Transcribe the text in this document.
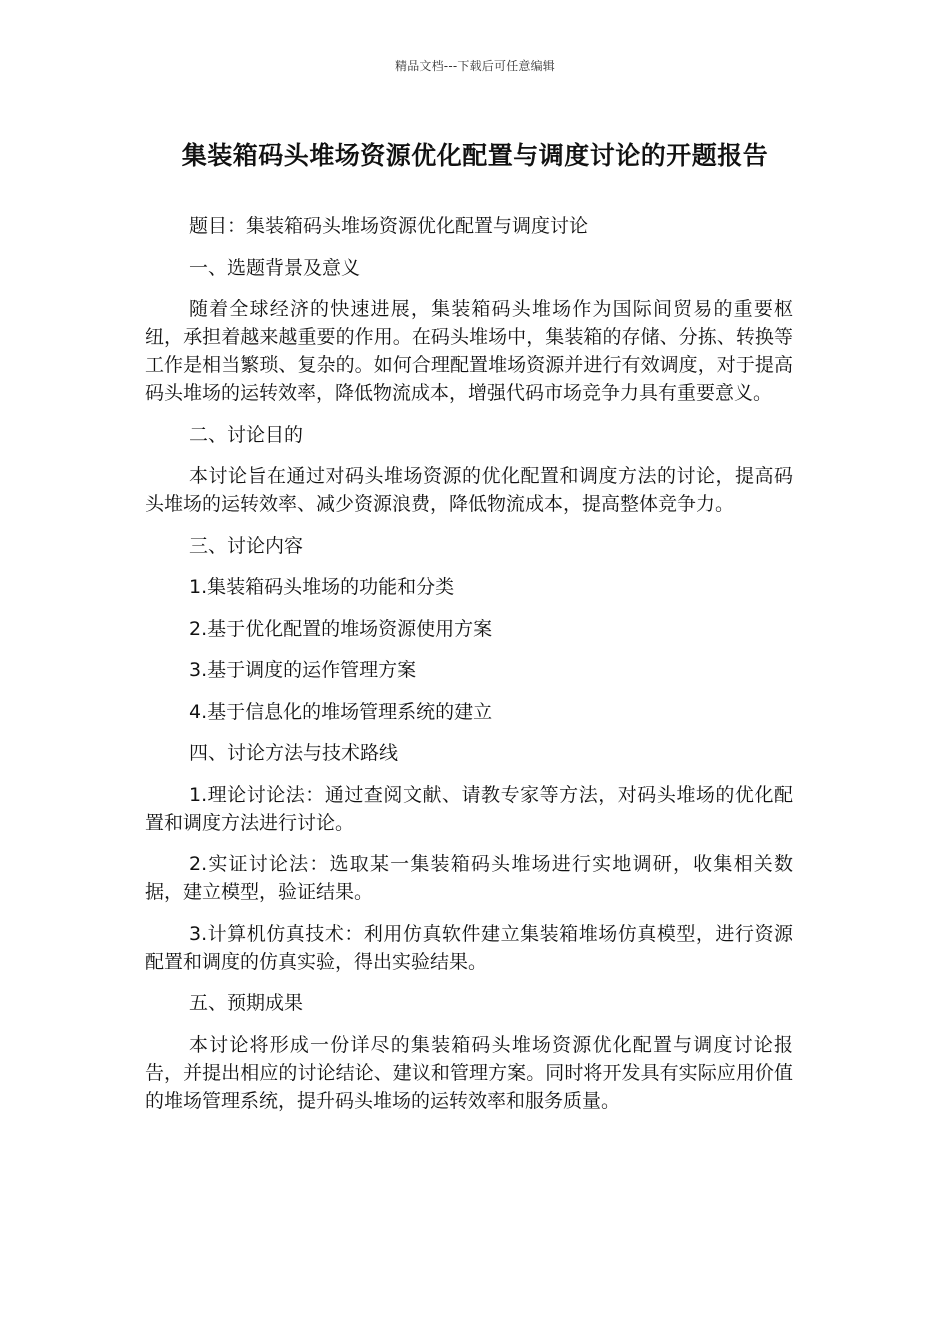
精品文档---下载后可任意编辑
集装箱码头堆场资源优化配置与调度讨论的开题报告

题目：集装箱码头堆场资源优化配置与调度讨论

一、选题背景及意义

随着全球经济的快速进展，集装箱码头堆场作为国际间贸易的重要枢纽，承担着越来越重要的作用。在码头堆场中，集装箱的存储、分拣、转换等工作是相当繁琐、复杂的。如何合理配置堆场资源并进行有效调度，对于提高码头堆场的运转效率，降低物流成本，增强代码市场竞争力具有重要意义。

二、讨论目的

本讨论旨在通过对码头堆场资源的优化配置和调度方法的讨论，提高码头堆场的运转效率、减少资源浪费，降低物流成本，提高整体竞争力。

三、讨论内容

1.集装箱码头堆场的功能和分类

2.基于优化配置的堆场资源使用方案

3.基于调度的运作管理方案

4.基于信息化的堆场管理系统的建立

四、讨论方法与技术路线

1.理论讨论法：通过查阅文献、请教专家等方法，对码头堆场的优化配置和调度方法进行讨论。

2.实证讨论法：选取某一集装箱码头堆场进行实地调研，收集相关数据，建立模型，验证结果。

3.计算机仿真技术：利用仿真软件建立集装箱堆场仿真模型，进行资源配置和调度的仿真实验，得出实验结果。

五、预期成果

本讨论将形成一份详尽的集装箱码头堆场资源优化配置与调度讨论报告，并提出相应的讨论结论、建议和管理方案。同时将开发具有实际应用价值的堆场管理系统，提升码头堆场的运转效率和服务质量。
